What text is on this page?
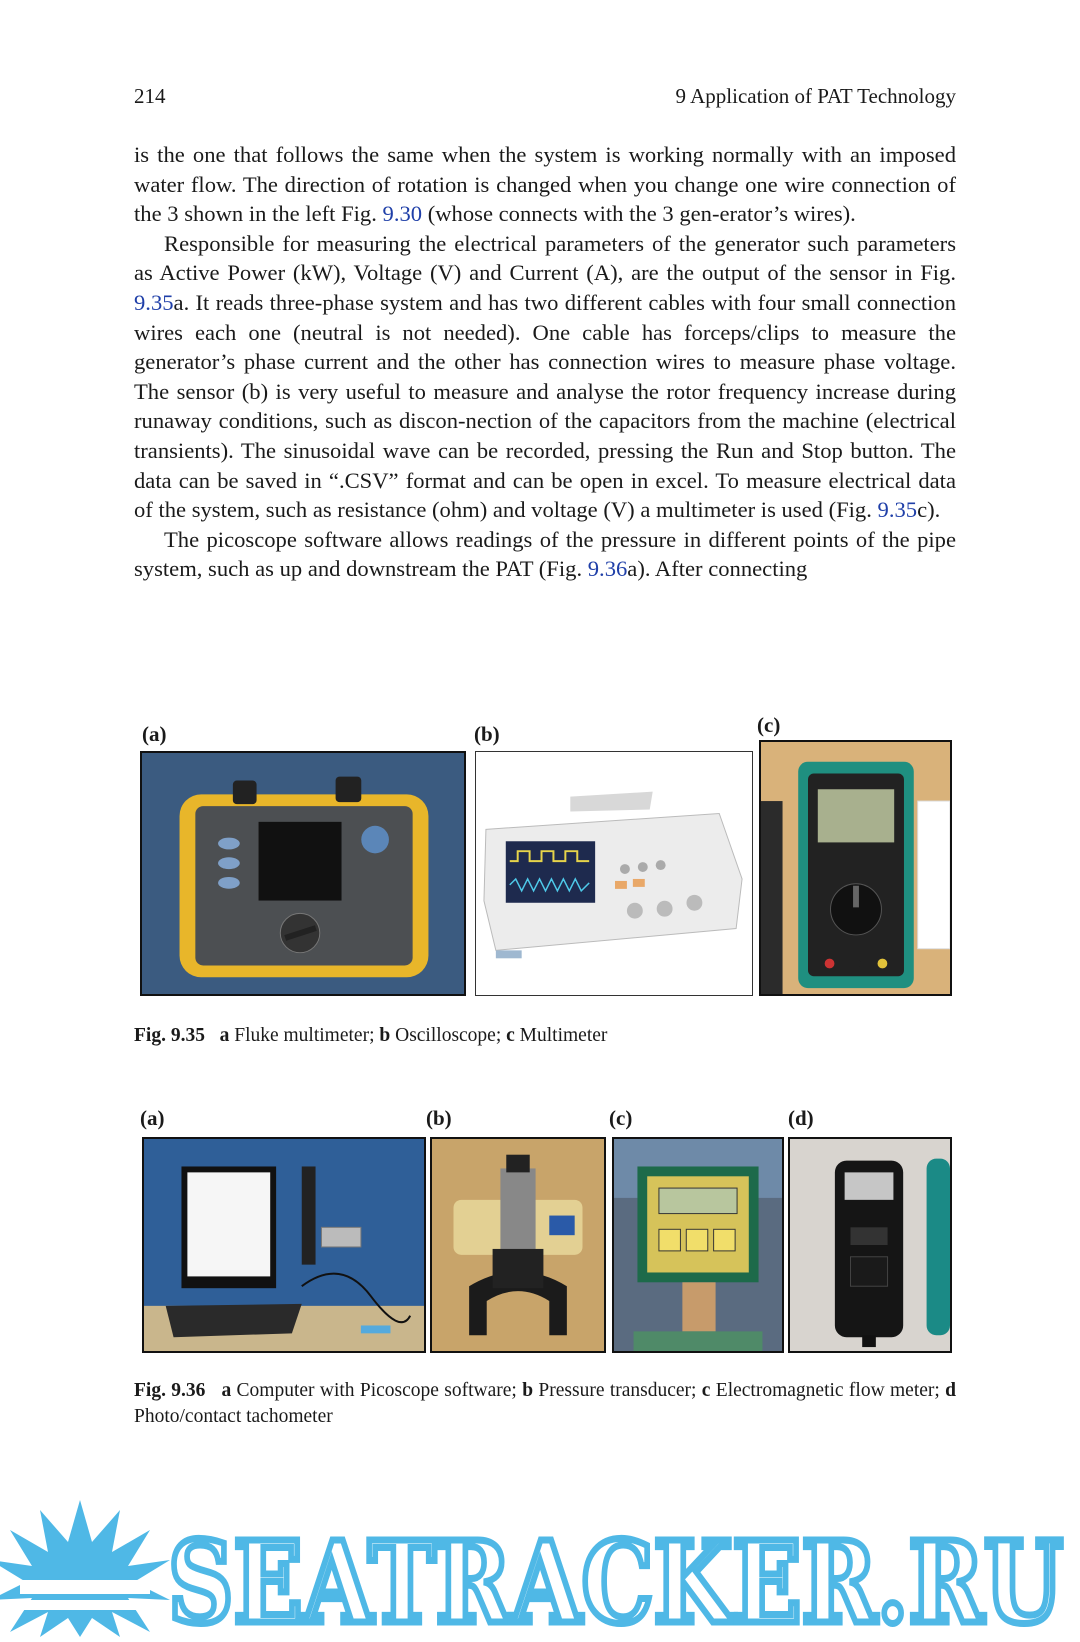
214	9 Application of PAT Technology

is the one that follows the same when the system is working normally with an imposed water flow. The direction of rotation is changed when you change one wire connection of the 3 shown in the left Fig. 9.30 (whose connects with the 3 gen-erator’s wires).

Responsible for measuring the electrical parameters of the generator such parameters as Active Power (kW), Voltage (V) and Current (A), are the output of the sensor in Fig. 9.35a. It reads three-phase system and has two different cables with four small connection wires each one (neutral is not needed). One cable has forceps/clips to measure the generator’s phase current and the other has connection wires to measure phase voltage. The sensor (b) is very useful to measure and analyse the rotor frequency increase during runaway conditions, such as discon-nection of the capacitors from the machine (electrical transients). The sinusoidal wave can be recorded, pressing the Run and Stop button. The data can be saved in “.CSV” format and can be open in excel. To measure electrical data of the system, such as resistance (ohm) and voltage (V) a multimeter is used (Fig. 9.35c).

The picoscope software allows readings of the pressure in different points of the pipe system, such as up and downstream the PAT (Fig. 9.36a). After connecting

(a)	(b)	(c)
Fig. 9.35 a Fluke multimeter; b Oscilloscope; c Multimeter
(a)	(b)	(c)	(d)
Fig. 9.36 a Computer with Picoscope software; b Pressure transducer; c Electromagnetic flow meter; d Photo/contact tachometer
SEATRACKER.RU
